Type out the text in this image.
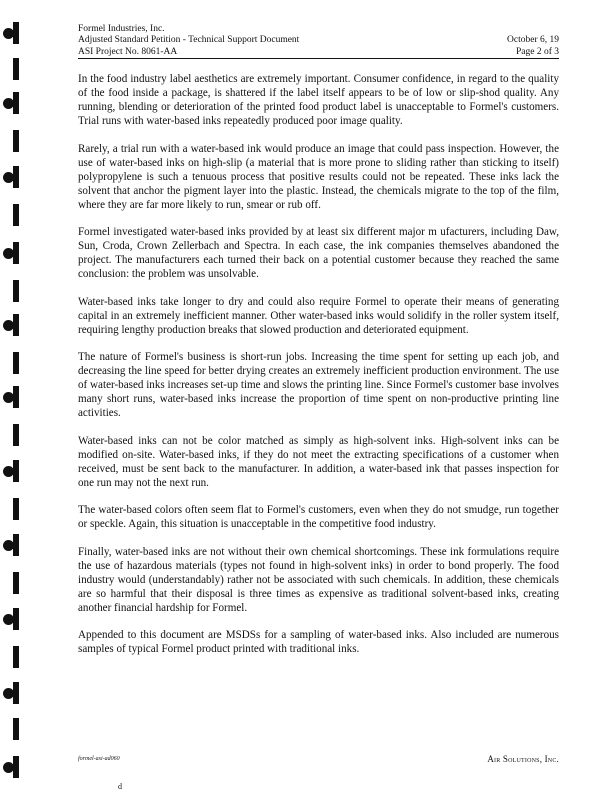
Formel Industries, Inc.
Adjusted Standard Petition - Technical Support Document	October 6, 19
ASI Project No. 8061-AA	Page 2 of 3

In the food industry label aesthetics are extremely important. Consumer confidence, in regard to the quality of the food inside a package, is shattered if the label itself appears to be of low or slip-shod quality. Any running, blending or deterioration of the printed food product label is unacceptable to Formel's customers. Trial runs with water-based inks repeatedly produced poor image quality.

Rarely, a trial run with a water-based ink would produce an image that could pass inspection. However, the use of water-based inks on high-slip (a material that is more prone to sliding rather than sticking to itself) polypropylene is such a tenuous process that positive results could not be repeated. These inks lack the solvent that anchor the pigment layer into the plastic. Instead, the chemicals migrate to the top of the film, where they are far more likely to run, smear or rub off.

Formel investigated water-based inks provided by at least six different major m ufacturers, including Daw, Sun, Croda, Crown Zellerbach and Spectra. In each case, the ink companies themselves abandoned the project. The manufacturers each turned their back on a potential customer because they reached the same conclusion: the problem was unsolvable.

Water-based inks take longer to dry and could also require Formel to operate their means of generating capital in an extremely inefficient manner. Other water-based inks would solidify in the roller system itself, requiring lengthy production breaks that slowed production and deteriorated equipment.

The nature of Formel's business is short-run jobs. Increasing the time spent for setting up each job, and decreasing the line speed for better drying creates an extremely inefficient production environment. The use of water-based inks increases set-up time and slows the printing line. Since Formel's customer base involves many short runs, water-based inks increase the proportion of time spent on non-productive printing line activities.

Water-based inks can not be color matched as simply as high-solvent inks. High-solvent inks can be modified on-site. Water-based inks, if they do not meet the extracting specifications of a customer when received, must be sent back to the manufacturer. In addition, a water-based ink that passes inspection for one run may not the next run.

The water-based colors often seem flat to Formel's customers, even when they do not smudge, run together or speckle. Again, this situation is unacceptable in the competitive food industry.

Finally, water-based inks are not without their own chemical shortcomings. These ink formulations require the use of hazardous materials (types not found in high-solvent inks) in order to bond properly. The food industry would (understandably) rather not be associated with such chemicals. In addition, these chemicals are so harmful that their disposal is three times as expensive as traditional solvent-based inks, creating another financial hardship for Formel.

Appended to this document are MSDSs for a sampling of water-based inks. Also included are numerous samples of typical Formel product printed with traditional inks.

formel-asi-ad060	Air Solutions, Inc.
d
